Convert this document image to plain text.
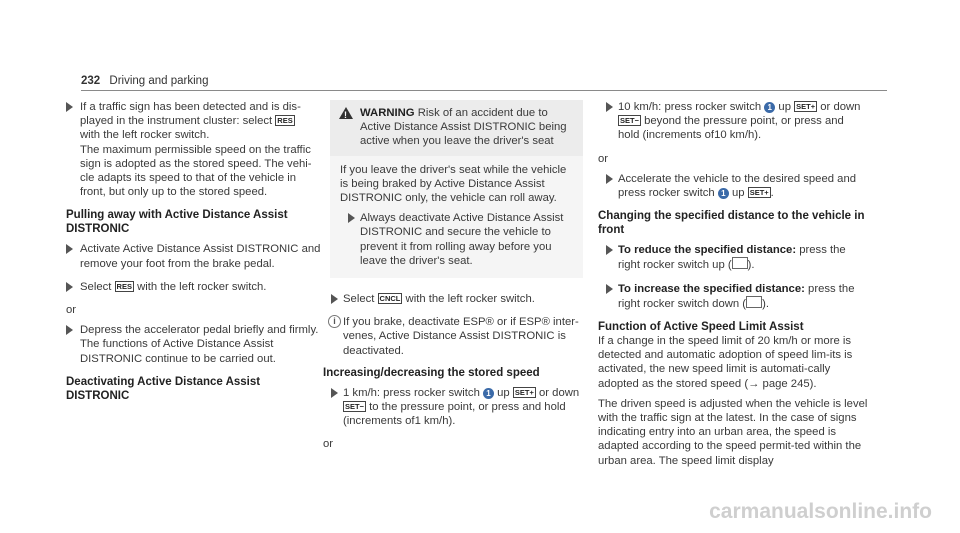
232 Driving and parking
If a traffic sign has been detected and is dis-
played in the instrument cluster: select RES
with the left rocker switch.
The maximum permissible speed on the traffic
sign is adopted as the stored speed. The vehi-
cle adapts its speed to that of the vehicle in
front, but only up to the stored speed.
Pulling away with Active Distance Assist DISTRONIC
Activate Active Distance Assist DISTRONIC and remove your foot from the brake pedal.
Select RES with the left rocker switch.
or
Depress the accelerator pedal briefly and firmly.
The functions of Active Distance Assist DISTRONIC continue to be carried out.
Deactivating Active Distance Assist DISTRONIC
!
WARNING Risk of an accident due to Active Distance Assist DISTRONIC being active when you leave the driver's seat
If you leave the driver's seat while the vehicle is being braked by Active Distance Assist DISTRONIC only, the vehicle can roll away.
Always deactivate Active Distance Assist DISTRONIC and secure the vehicle to prevent it from rolling away before you leave the driver's seat.
Select CNCL with the left rocker switch.
i If you brake, deactivate ESP® or if ESP® inter-venes, Active Distance Assist DISTRONIC is deactivated.
Increasing/decreasing the stored speed
1 km/h: press rocker switch 1 up SET+ or down SET− to the pressure point, or press and hold (increments of1 km/h).
or
10 km/h: press rocker switch 1 up SET+ or down SET− beyond the pressure point, or press and hold (increments of10 km/h).
or
Accelerate the vehicle to the desired speed and press rocker switch 1 up SET+ .
Changing the specified distance to the vehicle in front
To reduce the specified distance: press the right rocker switch up ( ).
To increase the specified distance: press the right rocker switch down ( ).
Function of Active Speed Limit Assist
If a change in the speed limit of 20 km/h or more is detected and automatic adoption of speed lim-its is activated, the new speed limit is automati-cally adopted as the stored speed (→ page 245).
The driven speed is adjusted when the vehicle is level with the traffic sign at the latest. In the case of signs indicating entry into an urban area, the speed is adapted according to the speed permit-ted within the urban area. The speed limit display
carmanualsonline.info
